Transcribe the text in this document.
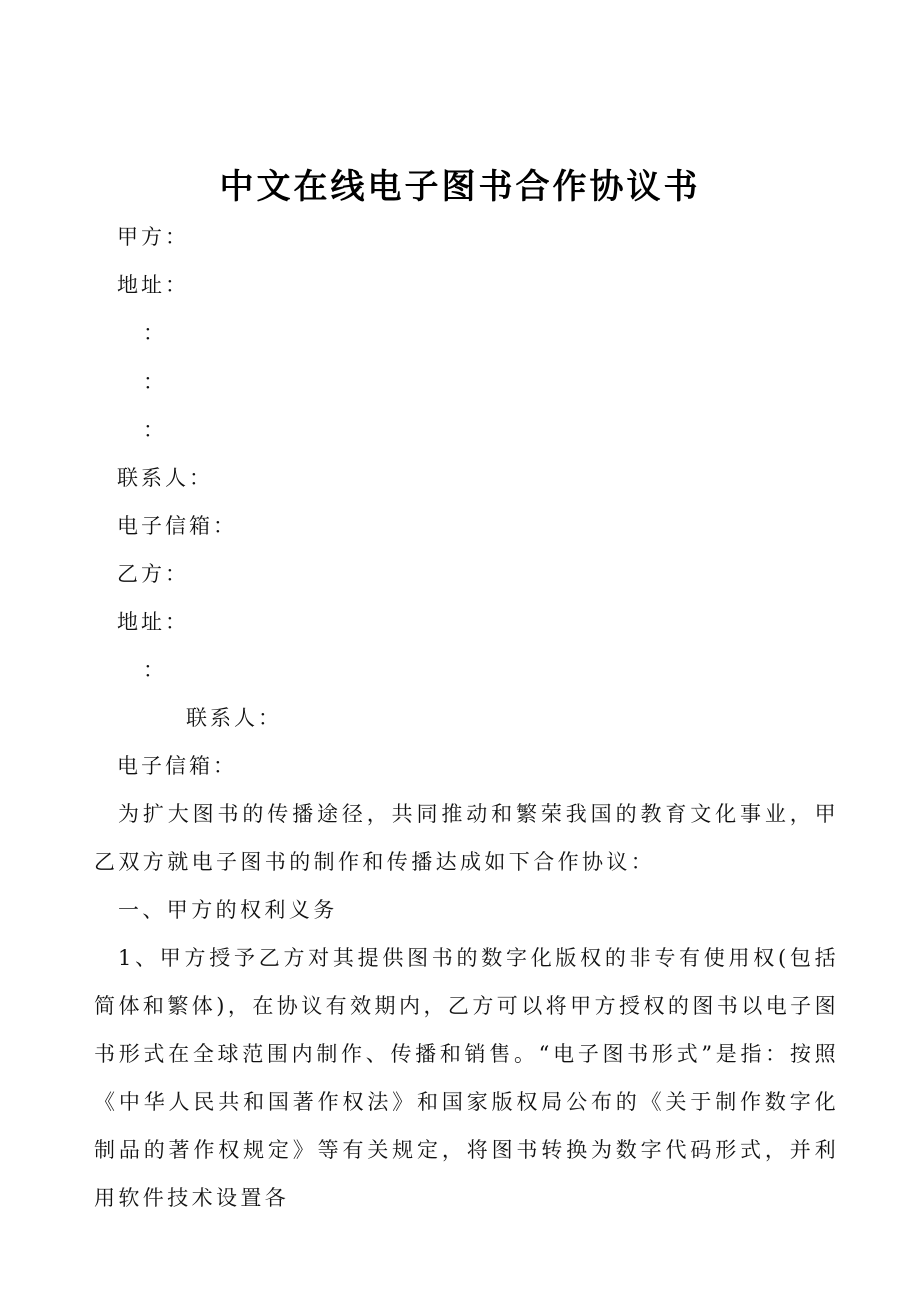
中文在线电子图书合作协议书
甲方：
地址：
：
：
：
联系人：
电子信箱：
乙方：
地址：
：
联系人：
电子信箱：
为扩大图书的传播途径，共同推动和繁荣我国的教育文化事业，甲乙双方就电子图书的制作和传播达成如下合作协议：
一、甲方的权利义务
1、甲方授予乙方对其提供图书的数字化版权的非专有使用权(包括简体和繁体)，在协议有效期内，乙方可以将甲方授权的图书以电子图书形式在全球范围内制作、传播和销售。“电子图书形式”是指：按照《中华人民共和国著作权法》和国家版权局公布的《关于制作数字化制品的著作权规定》等有关规定，将图书转换为数字代码形式，并利用软件技术设置各
